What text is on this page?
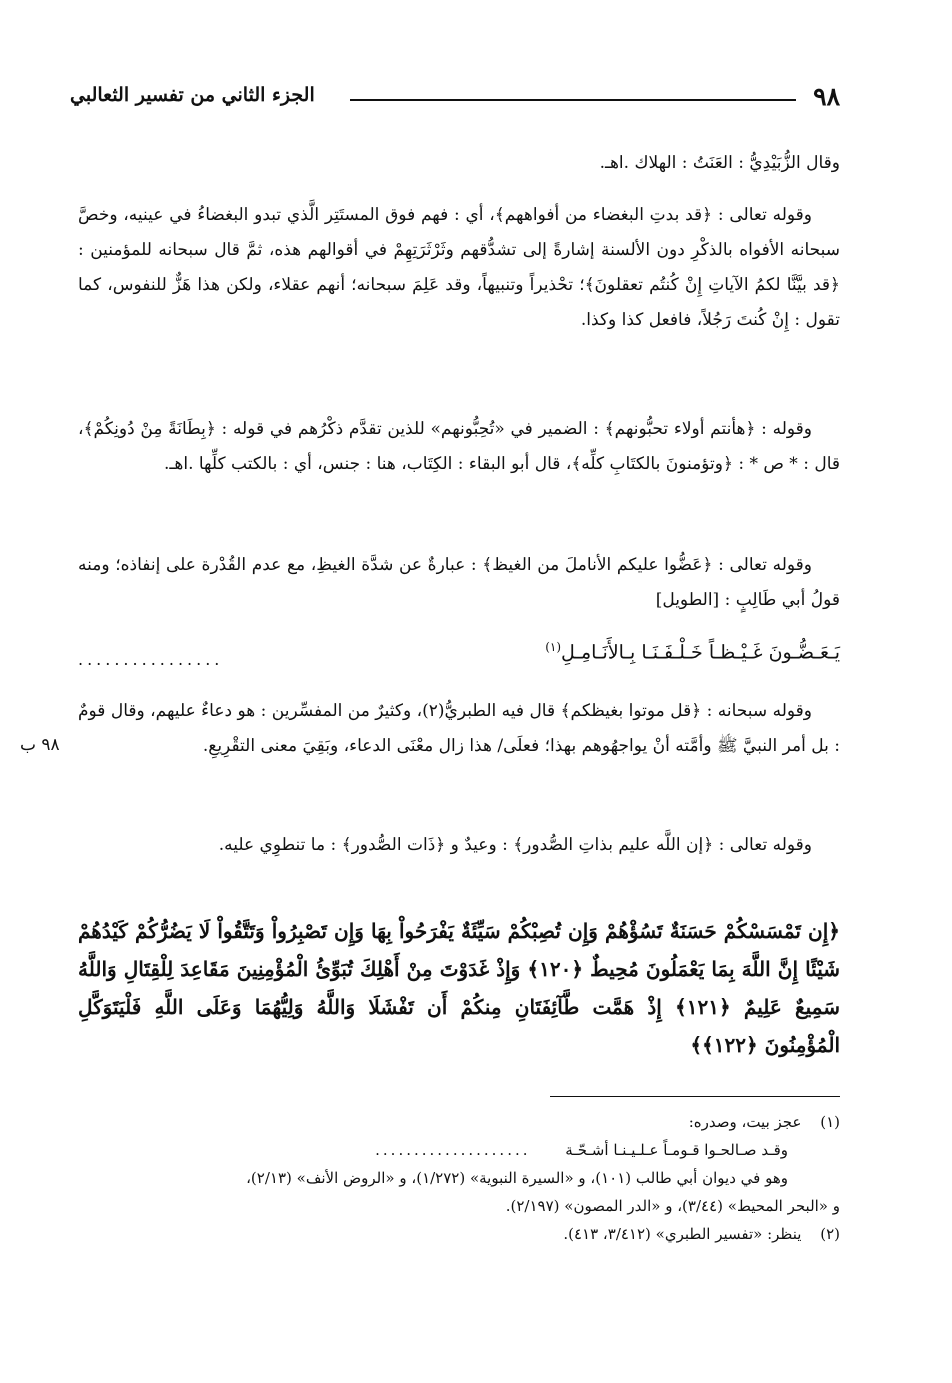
٩٨
الجزء الثاني من تفسير الثعالبي

وقال الزُّبَيْدِيُّ : العَنَتُ : الهلاك .اهـ.

وقوله تعالى : ﴿قد بدتِ البغضاء من أفواههم﴾، أي : فهم فوق المستَتِر الَّذي تبدو البغضاءُ في عينيه، وخصَّ سبحانه الأفواه بالذكْرِ دون الألسنة إشارةً إلى تشدُّقهم وثَرْثَرَتِهِمْ في أقوالهم هذه، ثمَّ قال سبحانه للمؤمنين : ﴿قد بيَّنَّا لكمُ الآياتِ إِنْ كُنتُم تعقلونَ﴾؛ تحْذيراً وتنبيهاً، وقد عَلِمَ سبحانه؛ أنهم عقلاء، ولكن هذا هَزٌّ للنفوس، كما تقول : إِنْ كُنتَ رَجُلاً، فافعل كذا وكذا.

وقوله : ﴿هأنتم أولاء تحبُّونهم﴾ : الضمير في «تُحِبُّونهم» للذين تقدَّم ذكْرُهم في قوله : ﴿بِطَانَةً مِنْ دُونِكُمْ﴾، قال : * ص * : ﴿وتؤمنونَ بالكتَابِ كلِّه﴾، قال أبو البقاء : الكِتَاب، هنا : جنس، أي : بالكتب كلِّها .اهـ.

وقوله تعالى : ﴿عَضُّوا عليكم الأناملَ من الغيظ﴾ : عبارةٌ عن شدَّة الغيظِ، مع عدم القُدْرة على إنفاذه؛ ومنه قولُ أبي طَالِبٍ : [الطويل]

يَـعَـضُّـونَ غَـيْـظـاً خَـلْـفَـنَـا بِـالأَنَـامِـلِ$^{(١)}$
................

وقوله سبحانه : ﴿قل موتوا بغيظكم﴾ قال فيه الطبريُّ(٢)، وكثيرٌ من المفسِّرين : هو دعاءٌ عليهم، وقال قومٌ : بل أمر النبيَّ ﷺ وأمَّته أنْ يواجهُوهم بهذا؛ فعلَى/ هذا زال معْنَى الدعاء، وبَقِيَ معنى التقْرِيعِ.

٩٨ ب

وقوله تعالى : ﴿إن اللَّه عليم بذاتِ الصُّدور﴾ : وعيدٌ و ﴿ذَات الصُّدور﴾ : ما تنطوِي عليه.

﴿إِن تَمْسَسْكُمْ حَسَنَةٌ تَسُؤْهُمْ وَإِن تُصِبْكُمْ سَيِّئَةٌ يَفْرَحُواْ بِهَا وَإِن تَصْبِرُواْ وَتَتَّقُواْ لَا يَضُرُّكُمْ كَيْدُهُمْ شَيْئًا إِنَّ اللَّهَ بِمَا يَعْمَلُونَ مُحِيطٌ ﴿١٢٠﴾ وَإِذْ غَدَوْتَ مِنْ أَهْلِكَ تُبَوِّئُ الْمُؤْمِنِينَ مَقَاعِدَ لِلْقِتَالِ وَاللَّهُ سَمِيعٌ عَلِيمٌ ﴿١٢١﴾ إِذْ هَمَّت طَّآئِفَتَانِ مِنكُمْ أَن تَفْشَلَا وَاللَّهُ وَلِيُّهُمَا وَعَلَى اللَّهِ فَلْيَتَوَكَّلِ الْمُؤْمِنُونَ ﴿١٢٢﴾﴾
(١) عجز بيت، وصدره:
وقـد صـالحـوا قـومـاً عـلـيـنـا أشـحّـة ....................
وهو في ديوان أبي طالب (١٠١)، و «السيرة النبوية» (١/٢٧٢)، و «الروض الأنف» (٢/١٣)،
و «البحر المحيط» (٣/٤٤)، و «الدر المصون» (٢/١٩٧).
(٢) ينظر: «تفسير الطبري» (٣/٤١٢، ٤١٣).
